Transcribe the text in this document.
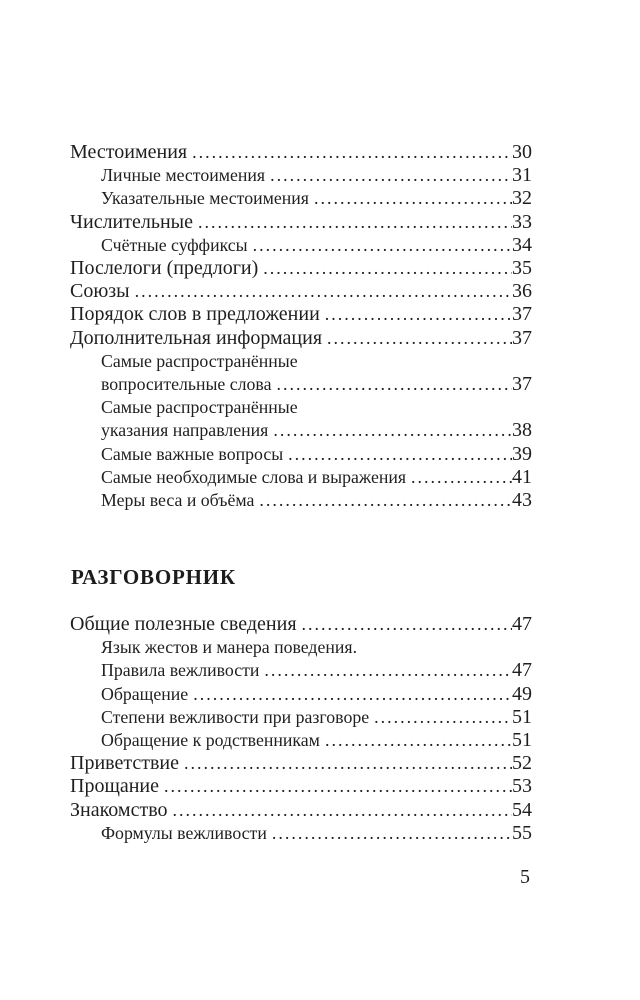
Местоимения .....	30
Личные местоимения .....	31
Указательные местоимения .....	32
Числительные .....	33
Счётные суффиксы .....	34
Послелоги (предлоги) .....	35
Союзы .....	36
Порядок слов в предложении .....	37
Дополнительная информация .....	37
Самые распространённые
вопросительные слова .....	37
Самые распространённые
указания направления .....	38
Самые важные вопросы .....	39
Самые необходимые слова и выражения .....	41
Меры веса и объёма .....	43
РАЗГОВОРНИК
Общие полезные сведения .....	47
Язык жестов и манера поведения.
Правила вежливости .....	47
Обращение .....	49
Степени вежливости при разговоре .....	51
Обращение к родственникам .....	51
Приветствие .....	52
Прощание .....	53
Знакомство .....	54
Формулы вежливости .....	55
5
